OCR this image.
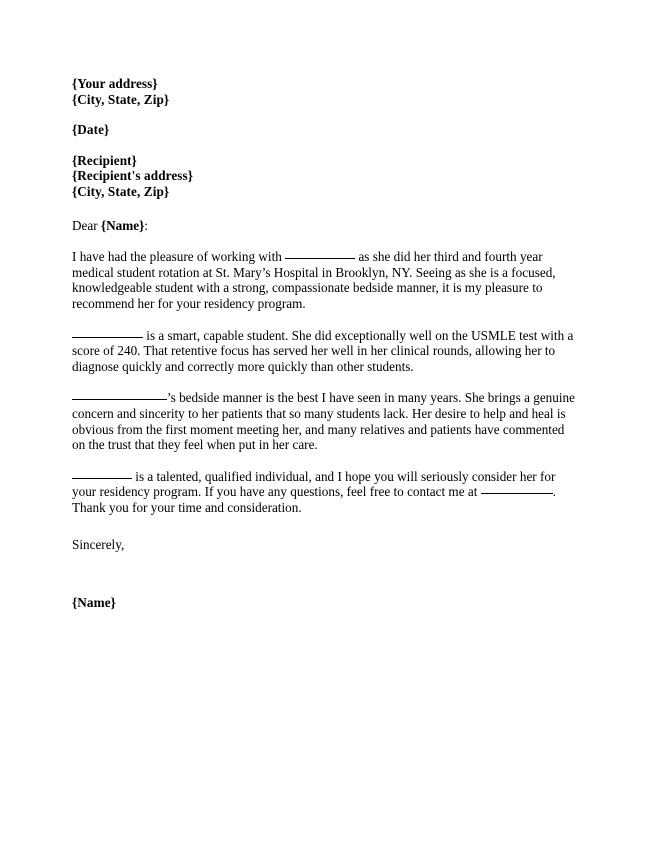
{Your address}
{City, State, Zip}
{Date}
{Recipient}
{Recipient's address}
{City, State, Zip}
Dear {Name}:

I have had the pleasure of working with	as she did her third and fourth year medical student rotation at St. Mary’s Hospital in Brooklyn, NY. Seeing as she is a focused, knowledgeable student with a strong, compassionate bedside manner, it is my pleasure to recommend her for your residency program.

is a smart, capable student. She did exceptionally well on the USMLE test with a score of 240. That retentive focus has served her well in her clinical rounds, allowing her to diagnose quickly and correctly more quickly than other students.

’s bedside manner is the best I have seen in many years. She brings a genuine concern and sincerity to her patients that so many students lack. Her desire to help and heal is obvious from the first moment meeting her, and many relatives and patients have commented on the trust that they feel when put in her care.

is a talented, qualified individual, and I hope you will seriously consider her for your residency program. If you have any questions, feel free to contact me at	. Thank you for your time and consideration.

Sincerely,
{Name}
